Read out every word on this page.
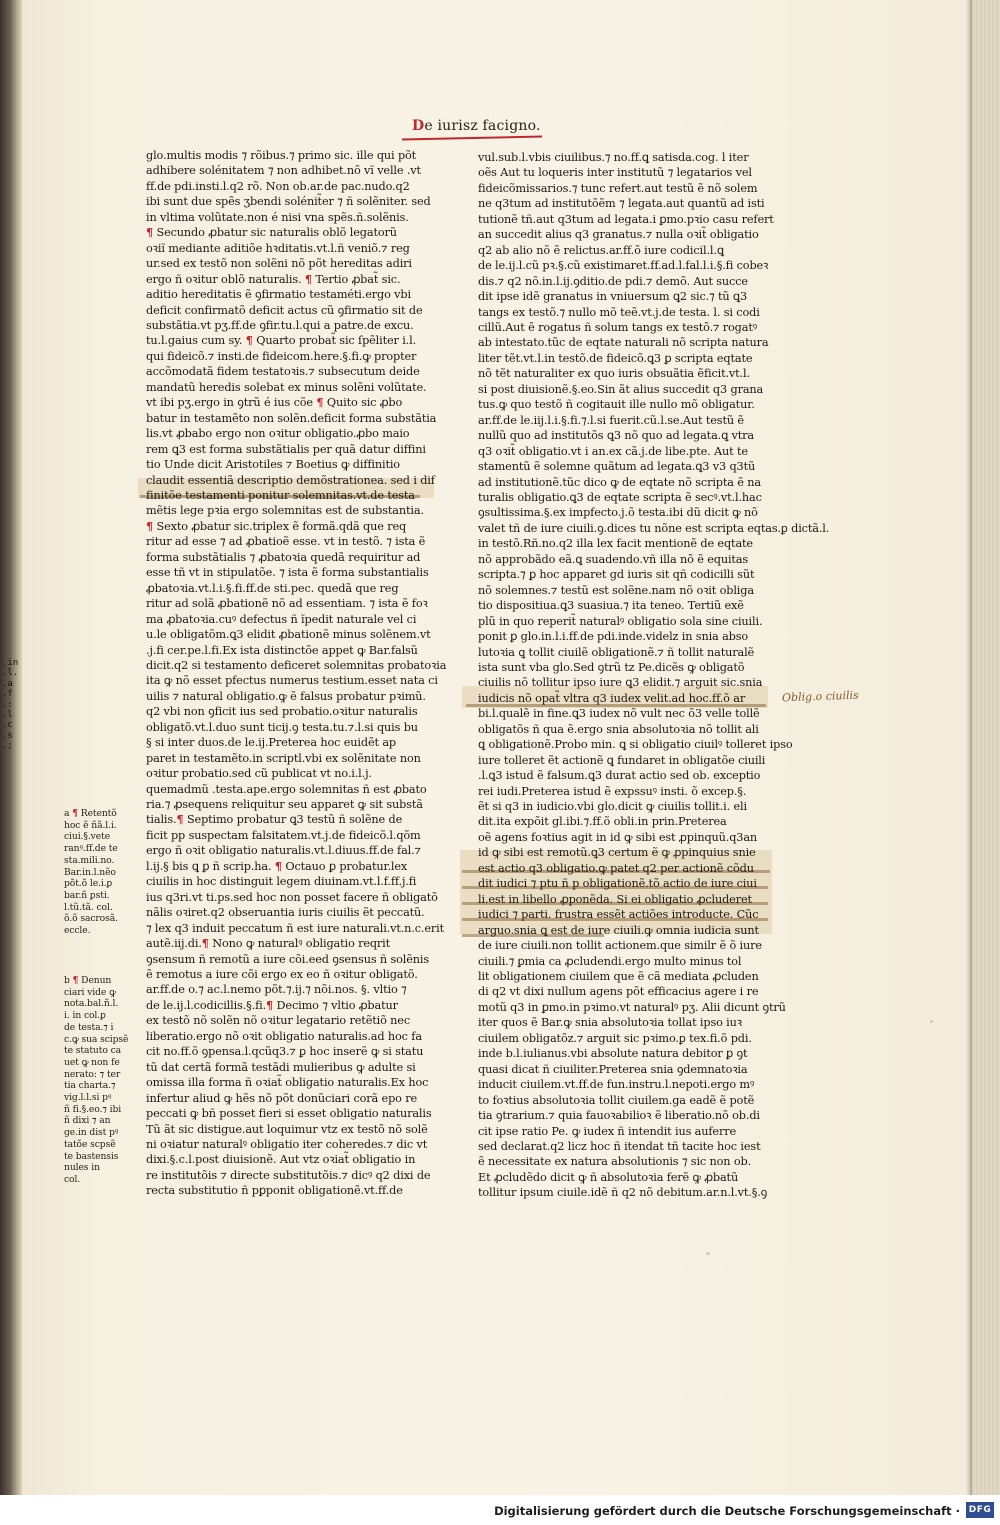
.in
.l.
.a
.f
.:
.l
.c
.s
.;
De iurisz facigno.
glo.multis modis ⁊ rõibus.⁊ primo sic. ille qui põt
adhibere solénitatem ⁊ non adhibet.nõ vĩ velle .vt
ff.de pdi.insti.l.q2 rõ. Non ob.ar.de pac.nudo.q2
ibi sunt due spẽs ʒbendi solénit̃er ⁊ ñ solẽniter. sed
in vltima volũtate.non é nisi vna spẽs.ñ.solẽnis.
¶ Secundo ꝓbatur sic naturalis oblõ legatorũ
oꝛiĩ mediante aditiõe hꝛditatis.vt.l.ñ veniõ.⁊ reg
ur.sed ex testõ non solẽni nõ põt hereditas adiri
ergo ñ oꝛitur oblõ naturalis. ¶ Tertio ꝓbat̃ sic.
aditio hereditatis ẽ ꝯfirmatio testaméti.ergo vbi
deficit confirmatõ deficit actus cũ ꝯfirmatio sit de
substãtia.vt pʒ.ff.de ꝯfir.tu.l.qui a patre.de excu.
tu.l.gaius cum sy. ¶ Quarto probat̃ sic ſpẽliter i.l.
qui fideicõ.⁊ insti.de fideicom.here.§.fi.ꝙ propter
accõmodatã fidem testatoꝛis.⁊ subsecutum deide
mandatũ heredis solebat ex minus solẽni volũtate.
vt ibi pʒ.ergo in ꝯtrũ é ius cõe ¶ Quito sic ꝓbo
batur in testamẽto non solẽn.deficit forma substãtia
lis.vt ꝓbabo ergo non oꝛitur obligatio.ꝓbo maio
rem ꝗ3 est forma substãtialis per quã datur diffini
tio Unde dicit Aristotiles ⁊ Boetius ꝙ diffinitio
claudit essentiã descriptio demõstrationea. sed i dif
finitõe testamenti ponitur solemnitas.vt.de testa
mẽtis lege pꝛia ergo solemnitas est de substantia.
¶ Sexto ꝓbatur sic.triplex ẽ formã.qdã que req
ritur ad esse ⁊ ad ꝓbatioẽ esse. vt in testõ. ⁊ ista ẽ
forma substãtialis ⁊ ꝓbatoꝛia quedã requiritur ad
esse tñ vt in stipulatõe. ⁊ ista ẽ forma substantialis
ꝓbatoꝛia.vt.l.i.§.fi.ff.de sti.pec. quedã que reg
ritur ad solã ꝓbationẽ nõ ad essentiam. ⁊ ista ẽ foꝛ
ma ꝓbatoꝛia.cuꝰ defectus ñ ĩpedit naturale vel ci
u.le obligatõm.ꝗ3 elidit ꝓbationẽ minus solẽnem.vt
.j.fi cer.pe.l.fi.Ex ista distinctõe appet ꝙ Bar.falsũ
dicit.q2 si testamento deficeret solemnitas probatoꝛia
ita ꝙ nõ esset pfectus numerus testium.esset nata ci
uilis ⁊ natural obligatio.ꝙ ẽ falsus probatur pꝛimũ.
q2 vbi non ꝯficit ius sed probatio.oꝛitur naturalis
obligatõ.vt.l.duo sunt ticij.ꝯ testa.tu.⁊.l.si quis bu
§ si inter duos.de le.ij.Preterea hoc euidẽt ap
paret in testamẽto.in scriptl.vbi ex solẽnitate non
oꝛitur probatio.sed cũ publicat vt no.i.l.j.
quemadmũ .testa.ape.ergo solemnitas ñ est ꝓbato
ria.⁊ ꝓsequens reliquitur seu apparet ꝙ sit substã
tialis.¶ Septimo probatur ꝗ3 testũ ñ solẽne de
ficit pp suspectam falsitatem.vt.j.de fideicõ.l.qõm
ergo ñ oꝛit obligatio naturalis.vt.l.diuus.ff.de fal.⁊
l.ij.§ bis ꝗ ꝑ ñ scrip.ha. ¶ Octauo ꝑ probatur.lex
ciuilis in hoc distinguit legem diuinam.vt.l.f.ff.j.fi
ius q3ri.vt ti.ps.sed hoc non posset facere ñ obligatõ
nãlis oꝛiret.q2 obseruantia iuris ciuilis ẽt peccatũ.
⁊ lex q3 induit peccatum ñ est iure naturali.vt.n.c.erit
autẽ.iij.di.¶ Nono ꝙ naturalꝰ obligatio reqrit
ꝯsensum ñ remotũ a iure cõi.eed ꝯsensus ñ solẽnis
ẽ remotus a iure cõi ergo ex eo ñ oꝛitur obligatõ.
ar.ff.de o.⁊ ac.l.nemo põt.⁊.ij.⁊ nõi.nos. §. vltio ⁊
de le.ij.l.codicillis.§.fi.¶ Decimo ⁊ vltio ꝓbatur
ex testõ nõ solẽn nõ oꝛitur legatario retẽtiõ nec
liberatio.ergo nõ oꝛit obligatio naturalis.ad hoc fa
cit no.ff.õ ꝯpensa.l.qcũq3.⁊ ꝑ hoc inserẽ ꝙ si statu
tũ dat certã formã testãdi mulieribus ꝙ adulte si
omissa illa forma ñ oꝛiat̃ obligatio naturalis.Ex hoc
infertur aliud ꝙ hẽs nõ põt donũciari corã epo re
peccati ꝙ bñ posset fieri si esset obligatio naturalis
Tũ ãt sic distigue.aut loquimur vtz ex testõ nõ solẽ
ni oꝛiatur naturalꝰ obligatio iter coheredes.⁊ dic vt
dixi.§.c.l.post diuisionẽ. Aut vtz oꝛiat̃ obligatio in
re institutõis ⁊ directe substitutõis.⁊ dicꝰ q2 dixi de
recta substitutio ñ pꝑponit obligationẽ.vt.ff.de
vul.sub.l.vbis ciuilibus.⁊ no.ff.ꝗ satisda.cog. l iter
oẽs Aut tu loqueris inter institutũ ⁊ legatarios vel
fideicõmissarios.⁊ tunc refert.aut testũ ẽ nõ solem
ne q3tum ad institutõẽm ⁊ legata.aut quantũ ad isti
tutionẽ tñ.aut q3tum ad legata.i ꝑmo.pꝛio casu refert
an succedit alius q3 granatus.⁊ nulla oꝛit̃ obligatio
q2 ab alio nõ ẽ relictus.ar.ff.õ iure codicil.l.ꝗ
de le.ij.l.cũ pꝛ.§.cũ existimaret.ff.ad.l.fal.l.i.§.fi cobeꝛ
dis.⁊ q2 nõ.in.l.ij.ꝯditio.de pdi.⁊ demõ. Aut succe
dit ipse idẽ granatus in vniuersum ꝗ2 sic.⁊ tũ ꝗ3
tangs ex testõ.⁊ nullo mõ teẽ.vt.j.de testa. l. si codi
cillũ.Aut ẽ rogatus ñ solum tangs ex testõ.⁊ rogatꝰ
ab intestato.tũc de eqtate naturali nõ scripta natura
liter tẽt.vt.l.in testõ.de fideicõ.ꝗ3 ꝑ scripta eqtate
nõ tẽt naturaliter ex quo iuris obsuãtia ẽficit.vt.l.
si post diuisionẽ.§.eo.Sin ãt alius succedit q3 grana
tus.ꝙ quo testõ ñ cogitauit ille nullo mõ obligatur.
ar.ff.de le.iij.l.i.§.fi.⁊.l.si fuerit.cũ.l.se.Aut testũ ẽ
nullũ quo ad institutõs ꝗ3 nõ quo ad legata.ꝗ vtra
q3 oꝛit̃ obligatio.vt i an.ex cã.j.de libe.pte. Aut te
stamentũ ẽ solemne quãtum ad legata.ꝗ3 v3 q3tũ
ad institutionẽ.tũc dico ꝙ de eqtate nõ scripta ẽ na
turalis obligatio.ꝗ3 de eqtate scripta ẽ secꝰ.vt.l.hac
ꝯsultissima.§.ex impfecto.j.õ testa.ibi dũ dicit ꝙ nõ
valet tñ de iure ciuili.ꝯ.dices tu nõne est scripta eqtas.ꝑ dictã.l.
in testõ.Rñ.no.q2 illa lex facit mentionẽ de eqtate
nõ approbãdo eã.ꝗ suadendo.vñ illa nõ ẽ equitas
scripta.⁊ ꝑ hoc apparet gd iuris sit qñ codicilli sũt
nõ solemnes.⁊ testũ est solẽne.nam nõ oꝛit obliga
tio dispositiua.ꝗ3 suasiua.⁊ ita teneo. Tertiũ exẽ
plũ in quo reperit̃ naturalꝰ obligatio sola sine ciuili.
ponit ꝑ glo.in.l.i.ff.de pdi.inde.videlz in snia abso
lutoꝛia ꝗ tollit ciuilẽ obligationẽ.⁊ ñ tollit naturalẽ
ista sunt vba glo.Sed ꝯtrũ tz Pe.dicẽs ꝙ obligatõ
ciuilis nõ tollitur ipso iure ꝗ3 elidit.⁊ arguit sic.snia
iudicis nõ opat̃ vltra q3 iudex velit.ad hoc.ff.õ ar
bi.l.qualẽ in fine.ꝗ3 iudex nõ vult nec õ3 velle tollẽ
obligatõs ñ qua ẽ.ergo snia absolutoꝛia nõ tollit ali
ꝗ obligationẽ.Probo min. ꝗ si obligatio ciuilꝰ tolleret ipso
iure tolleret ẽt actionẽ ꝗ fundaret in obligatõe ciuili
.l.ꝗ3 istud ẽ falsum.ꝗ3 durat actio sed ob. exceptio
rei iudi.Preterea istud ẽ expssuꝰ insti. õ excep.§.
ẽt si q3 in iudicio.vbi glo.dicit ꝙ ciuilis tollit.i. eli
dit.ita expõit gl.ibi.⁊.ff.õ obli.in prin.Preterea
oẽ agens foꝛtius agit in id ꝙ sibi est ꝓpinquũ.q3an
id ꝙ sibi est remotũ.ꝗ3 certum ẽ ꝙ ꝓpinquius snie
est actio q3 obligatio.ꝙ patet q2 per actionẽ cõdu
dit iudici ⁊ ptu ñ p obligationẽ.tõ actio de iure ciui
li.est in libello ꝓponẽda. Si ei obligatio ꝓcluderet
iudici ⁊ parti. frustra essẽt actiões introducte. Cũc
arguo.snia ꝗ est de iure ciuili.ꝙ omnia iudicia sunt
de iure ciuili.non tollit actionem.que similr ẽ õ iure
ciuili.⁊ ꝑmia ca ꝓcludendi.ergo multo minus tol
lit obligationem ciuilem que ẽ cã mediata ꝓcluden
di q2 vt dixi nullum agens põt efficacius agere i re
motũ q3 in ꝑmo.in pꝛimo.vt naturalꝰ pʒ. Alii dicunt ꝯtrũ
iter quos ẽ Bar.ꝙ snia absolutoꝛia tollat ipso iuꝛ
ciuilem obligatõz.⁊ arguit sic pꝛimo.ꝑ tex.fi.õ pdi.
inde b.l.iulianus.vbi absolute natura debitor ꝑ ꝯt
quasi dicat ñ ciuiliter.Preterea snia ꝯdemnatoꝛia
inducit ciuilem.vt.ff.de fun.instru.l.nepoti.ergo mꝰ
to foꝛtius absolutoꝛia tollit ciuilem.ga eadẽ ẽ potẽ
tia ꝯtrarium.⁊ quia fauoꝛabilioꝛ ẽ liberatio.nõ ob.di
cit ipse ratio Pe. ꝙ iudex ñ intendit ius auferre
sed declarat.q2 licz hoc ñ itendat tñ tacite hoc iest
ẽ necessitate ex natura absolutionis ⁊ sic non ob.
Et ꝓcludẽdo dicit ꝙ ñ absolutoꝛia ferẽ ꝙ ꝓbatũ
tollitur ipsum ciuile.idẽ ñ q2 nõ debitum.ar.n.l.vt.§.ꝯ
a ¶ Retentõ
hoc ẽ ñã.l.i.
ciui.§.vete
ranꝰ.ff.de te
sta.mili.no.
Bar.in.l.nẽo
põt.õ le.i.ꝑ
bar.ñ ꝑsti.
l.tũ.tã. col.
õ.õ sacrosã.
eccle.
b ¶ Denun
ciari vide ꝙ
nota.bal.ñ.l.
i. in col.ꝑ
de testa.⁊ i
c.ꝙ sua scipsẽ
te statuto ca
uet ꝙ non fe
nerato: ⁊ ter
tia charta.⁊
vig.l.l.si pꝰ
ñ fi.§.eo.⁊ ibi
ñ dixi ⁊ an
ge.in dist pꝰ
tatõe scpsẽ
te bastensis
nules in
col.
Oblig.o ciuilis
Digitalisierung gefördert durch die Deutsche Forschungsgemeinschaft · DFG
